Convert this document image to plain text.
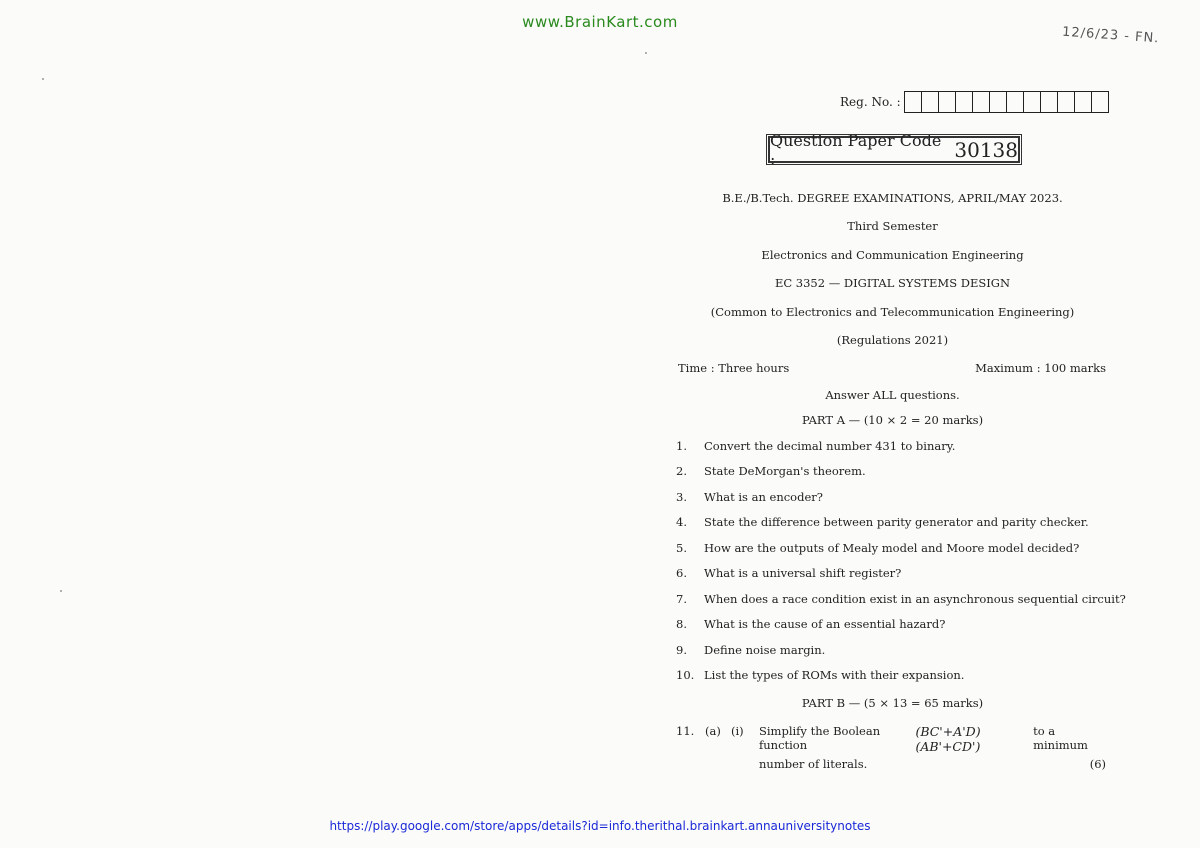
www.BrainKart.com
12/6/23 - FN.
Reg. No. :
Question Paper Code :	30138
B.E./B.Tech. DEGREE EXAMINATIONS, APRIL/MAY 2023.
Third Semester
Electronics and Communication Engineering
EC 3352 — DIGITAL SYSTEMS DESIGN
(Common to Electronics and Telecommunication Engineering)
(Regulations 2021)
Time : Three hours	Maximum : 100 marks
Answer ALL questions.
PART A — (10 × 2 = 20 marks)
1.	Convert the decimal number 431 to binary.
2.	State DeMorgan's theorem.
3.	What is an encoder?
4.	State the difference between parity generator and parity checker.
5.	How are the outputs of Mealy model and Moore model decided?
6.	What is a universal shift register?
7.	When does a race condition exist in an asynchronous sequential circuit?
8.	What is the cause of an essential hazard?
9.	Define noise margin.
10. List the types of ROMs with their expansion.
PART B — (5 × 13 = 65 marks)
11. (a) (i)	Simplify the Boolean function
(BC'+A'D)(AB'+CD')
to a minimum
number of literals.	(6)
https://play.google.com/store/apps/details?id=info.therithal.brainkart.annauniversitynotes
